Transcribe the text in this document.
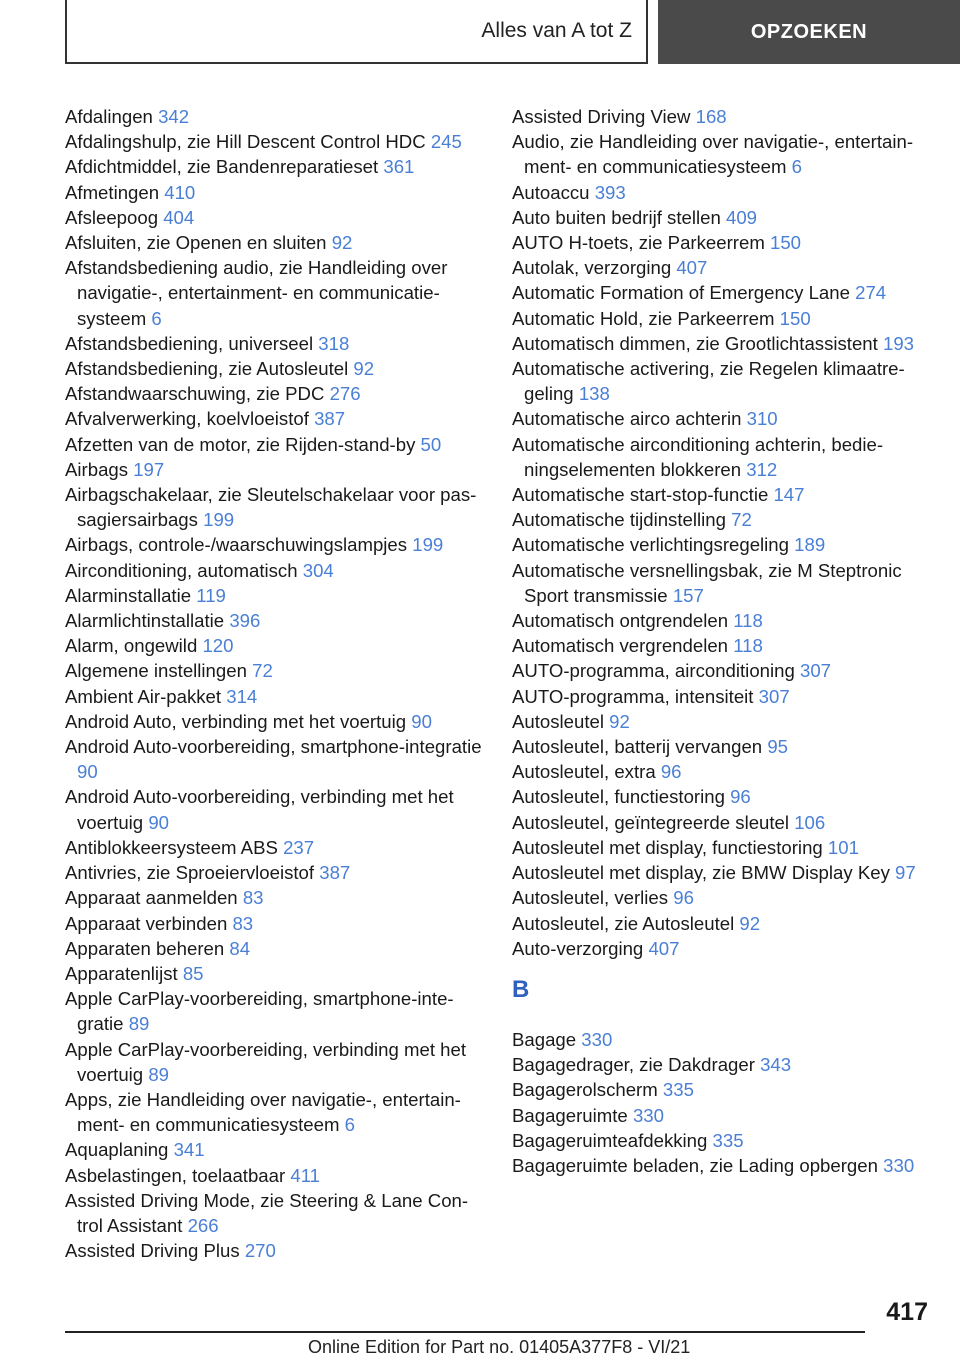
Alles van A tot Z	OPZOEKEN

Afdalingen 342

Afdalingshulp, zie Hill Descent Control HDC 245

Afdichtmiddel, zie Bandenreparatieset 361

Afmetingen 410

Afsleepoog 404

Afsluiten, zie Openen en sluiten 92

Afstandsbediening audio, zie Handleiding over navigatie-, entertainment- en communicatiesysteem 6

Afstandsbediening, universeel 318

Afstandsbediening, zie Autosleutel 92

Afstandwaarschuwing, zie PDC 276

Afvalverwerking, koelvloeistof 387

Afzetten van de motor, zie Rijden-stand-by 50

Airbags 197

Airbagschakelaar, zie Sleutelschakelaar voor passagiersairbags 199

Airbags, controle-/waarschuwingslampjes 199

Airconditioning, automatisch 304

Alarminstallatie 119

Alarmlichtinstallatie 396

Alarm, ongewild 120

Algemene instellingen 72

Ambient Air-pakket 314

Android Auto, verbinding met het voertuig 90

Android Auto-voorbereiding, smartphone-integratie 90

Android Auto-voorbereiding, verbinding met het voertuig 90

Antiblokkeersysteem ABS 237

Antivries, zie Sproeiervloeistof 387

Apparaat aanmelden 83

Apparaat verbinden 83

Apparaten beheren 84

Apparatenlijst 85

Apple CarPlay-voorbereiding, smartphone-integratie 89

Apple CarPlay-voorbereiding, verbinding met het voertuig 89

Apps, zie Handleiding over navigatie-, entertainment- en communicatiesysteem 6

Aquaplaning 341

Asbelastingen, toelaatbaar 411

Assisted Driving Mode, zie Steering & Lane Control Assistant 266

Assisted Driving Plus 270

Assisted Driving View 168

Audio, zie Handleiding over navigatie-, entertainment- en communicatiesysteem 6

Autoaccu 393

Auto buiten bedrijf stellen 409

AUTO H-toets, zie Parkeerrem 150

Autolak, verzorging 407

Automatic Formation of Emergency Lane 274

Automatic Hold, zie Parkeerrem 150

Automatisch dimmen, zie Grootlichtassistent 193

Automatische activering, zie Regelen klimaatregeling 138

Automatische airco achterin 310

Automatische airconditioning achterin, bedieningselementen blokkeren 312

Automatische start-stop-functie 147

Automatische tijdinstelling 72

Automatische verlichtingsregeling 189

Automatische versnellingsbak, zie M Steptronic Sport transmissie 157

Automatisch ontgrendelen 118

Automatisch vergrendelen 118

AUTO-programma, airconditioning 307

AUTO-programma, intensiteit 307

Autosleutel 92

Autosleutel, batterij vervangen 95

Autosleutel, extra 96

Autosleutel, functiestoring 96

Autosleutel, geïntegreerde sleutel 106

Autosleutel met display, functiestoring 101

Autosleutel met display, zie BMW Display Key 97

Autosleutel, verlies 96

Autosleutel, zie Autosleutel 92

Auto-verzorging 407

B

Bagage 330

Bagagedrager, zie Dakdrager 343

Bagagerolscherm 335

Bagageruimte 330

Bagageruimteafdekking 335

Bagageruimte beladen, zie Lading opbergen 330

417
Online Edition for Part no. 01405A377F8 - VI/21
